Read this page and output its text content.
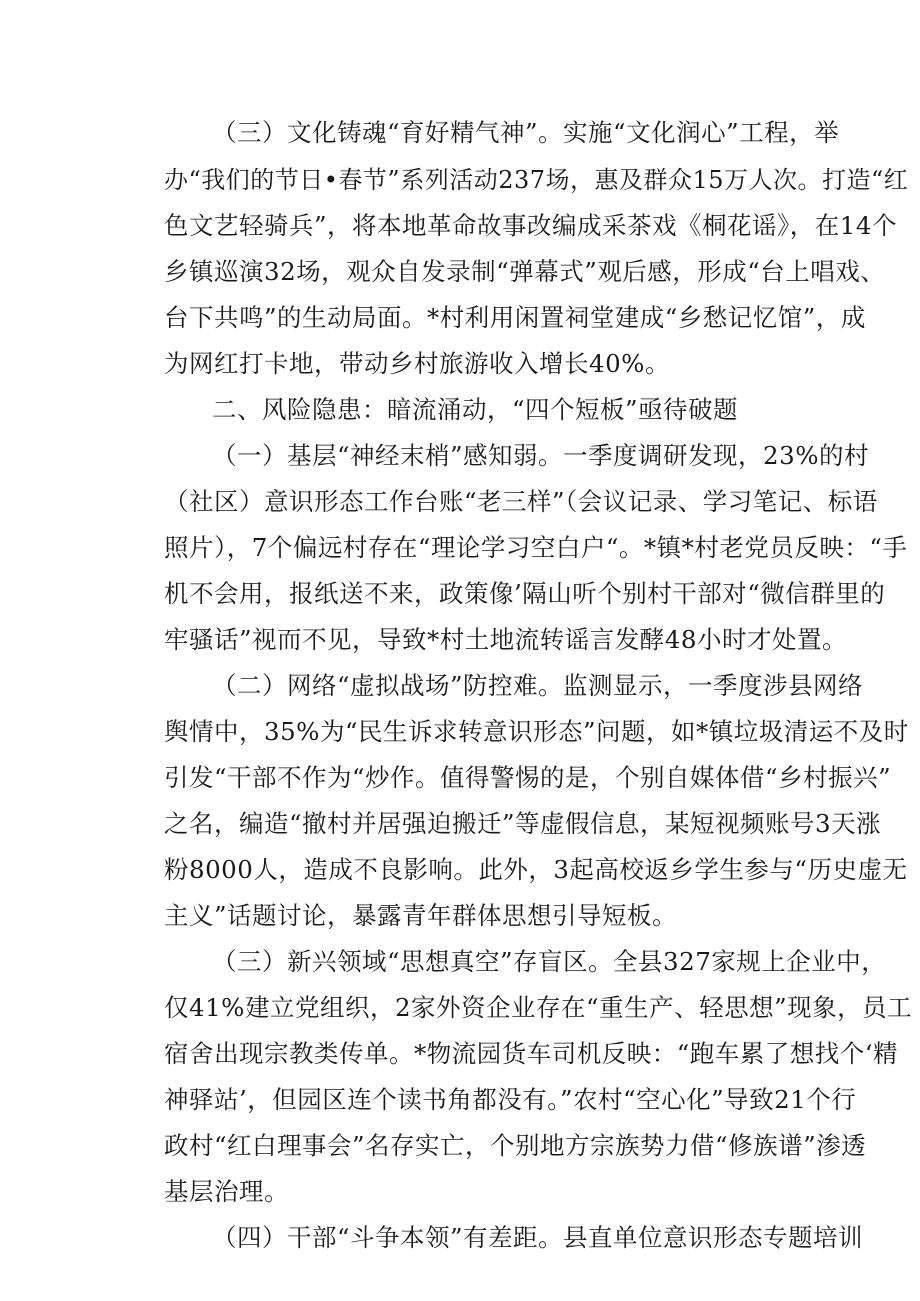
（三）文化铸魂“育好精气神”。实施“文化润心”工程，举
办“我们的节日•春节”系列活动237场，惠及群众15万人次。打造“红
色文艺轻骑兵”，将本地革命故事改编成采茶戏《桐花谣》，在14个
乡镇巡演32场，观众自发录制“弹幕式”观后感，形成“台上唱戏、
台下共鸣”的生动局面。*村利用闲置祠堂建成“乡愁记忆馆”，成
为网红打卡地，带动乡村旅游收入增长40%。
二、风险隐患：暗流涌动，“四个短板”亟待破题
（一）基层“神经末梢”感知弱。一季度调研发现，23%的村
（社区）意识形态工作台账“老三样”（会议记录、学习笔记、标语
照片），7个偏远村存在“理论学习空白户“。*镇*村老党员反映：“手
机不会用，报纸送不来，政策像’隔山听个别村干部对“微信群里的
牢骚话”视而不见，导致*村土地流转谣言发酵48小时才处置。
（二）网络“虚拟战场”防控难。监测显示，一季度涉县网络
舆情中，35%为“民生诉求转意识形态”问题，如*镇垃圾清运不及时
引发“干部不作为“炒作。值得警惕的是，个别自媒体借“乡村振兴”
之名，编造“撤村并居强迫搬迁”等虚假信息，某短视频账号3天涨
粉8000人，造成不良影响。此外，3起高校返乡学生参与“历史虚无
主义”话题讨论，暴露青年群体思想引导短板。
（三）新兴领域“思想真空”存盲区。全县327家规上企业中，
仅41%建立党组织，2家外资企业存在“重生产、轻思想”现象，员工
宿舍出现宗教类传单。*物流园货车司机反映：“跑车累了想找个‘精
神驿站’，但园区连个读书角都没有。”农村“空心化”导致21个行
政村“红白理事会”名存实亡，个别地方宗族势力借“修族谱”渗透
基层治理。
（四）干部“斗争本领”有差距。县直单位意识形态专题培训
